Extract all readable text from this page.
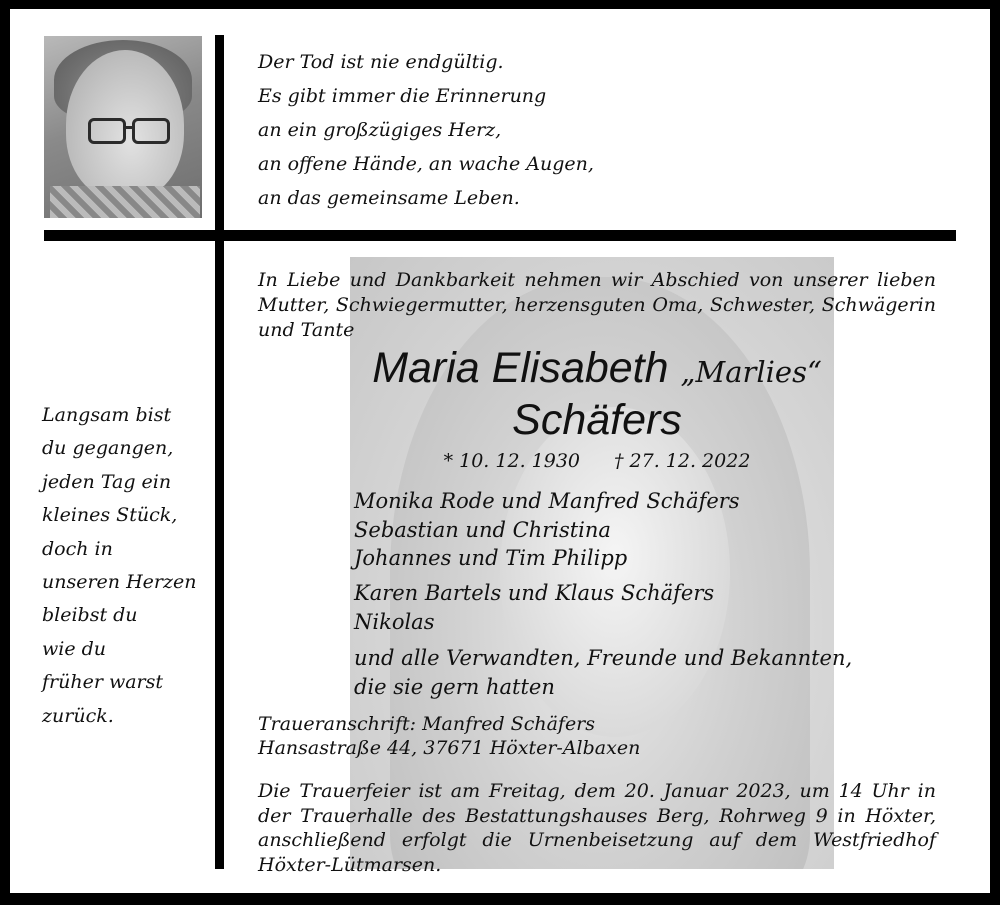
Der Tod ist nie endgültig.
Es gibt immer die Erinnerung
an ein großzügiges Herz,
an offene Hände, an wache Augen,
an das gemeinsame Leben.
Langsam bist
du gegangen,
jeden Tag ein
kleines Stück,
doch in
unseren Herzen
bleibst du
wie du
früher warst
zurück.
In Liebe und Dankbarkeit nehmen wir Abschied von unserer lieben Mutter, Schwiegermutter, herzensguten Oma, Schwester, Schwägerin und Tante
Maria Elisabeth „Marlies“
Schäfers
* 10. 12. 1930 † 27. 12. 2022
Monika Rode und Manfred Schäfers
Sebastian und Christina
Johannes und Tim Philipp
Karen Bartels und Klaus Schäfers
Nikolas
und alle Verwandten, Freunde und Bekannten,
die sie gern hatten
Traueranschrift: Manfred Schäfers
Hansastraße 44, 37671 Höxter-Albaxen
Die Trauerfeier ist am Freitag, dem 20. Januar 2023, um 14 Uhr in der Trauerhalle des Bestattungshauses Berg, Rohrweg 9 in Höxter, anschließend erfolgt die Urnenbeisetzung auf dem Westfriedhof Höxter-Lütmarsen.
